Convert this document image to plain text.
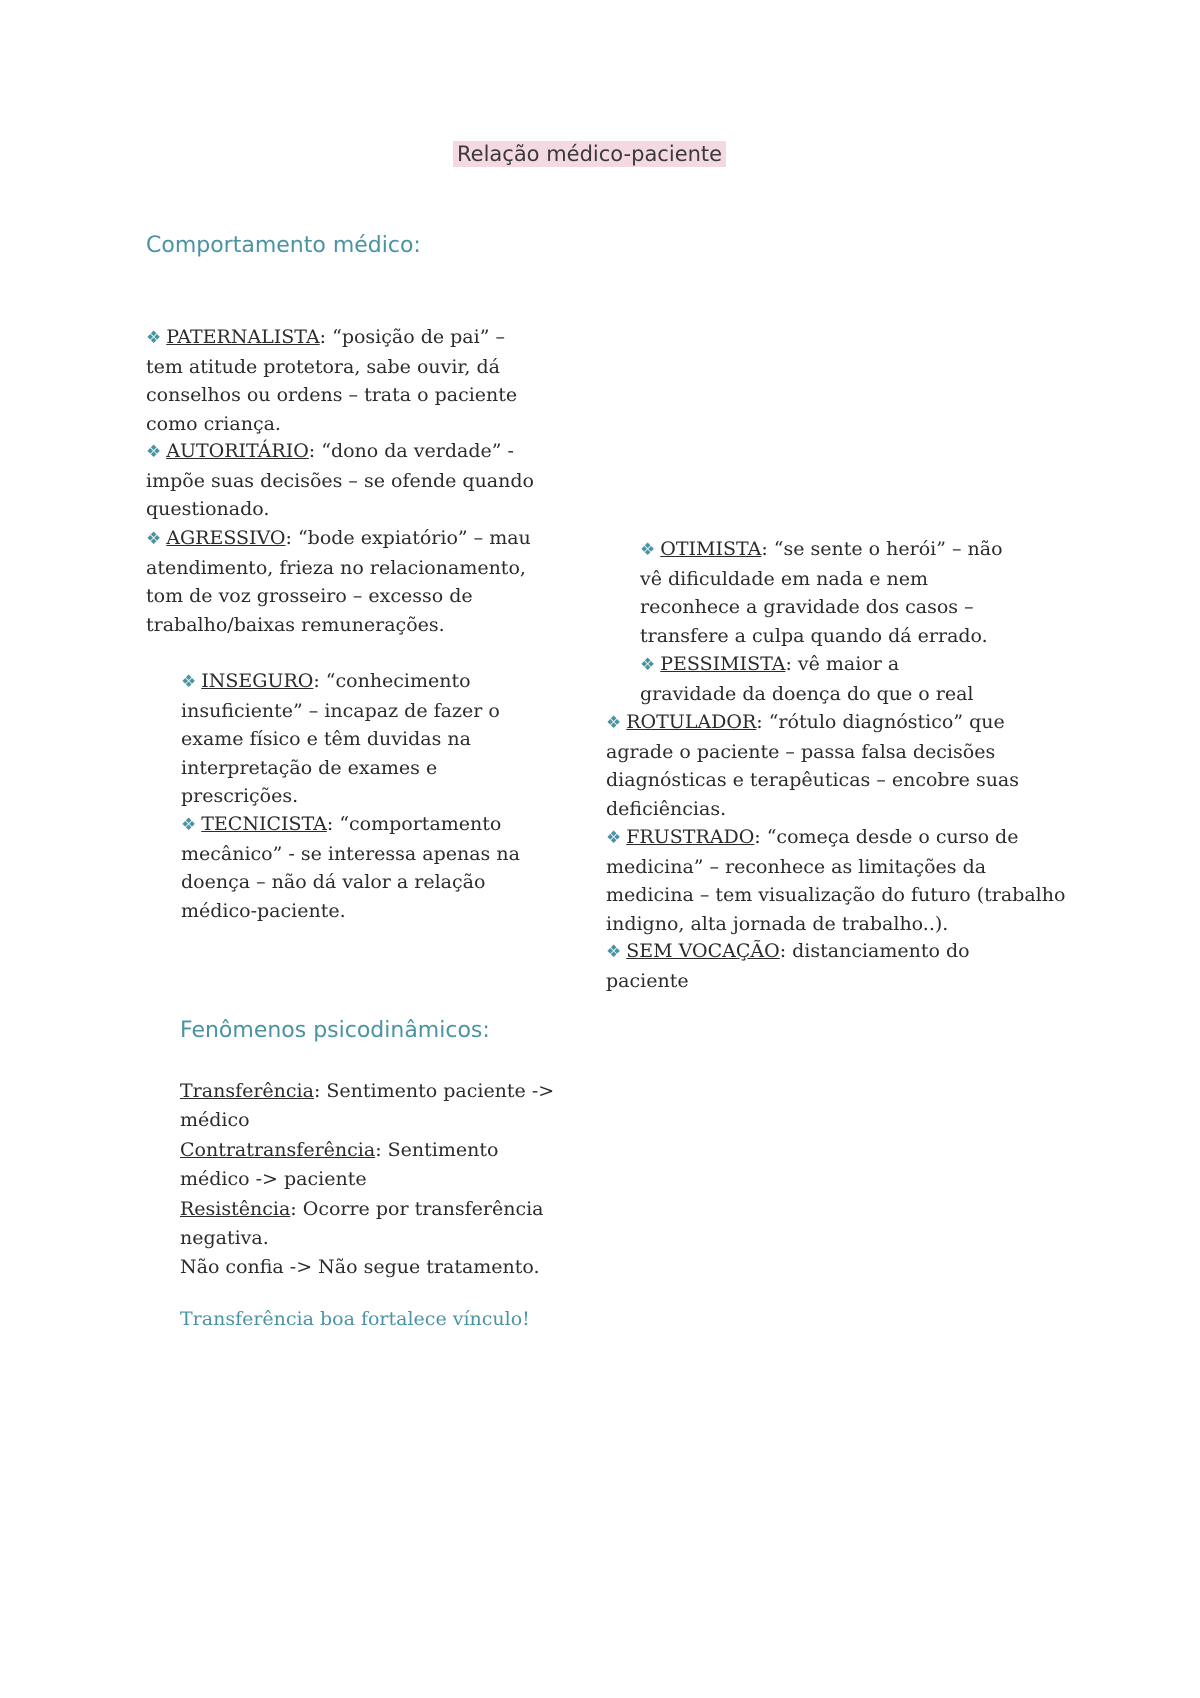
Relação médico-paciente
Comportamento médico:
❖ PATERNALISTA: “posição de pai” – tem atitude protetora, sabe ouvir, dá conselhos ou ordens – trata o paciente como criança.
❖ AUTORITÁRIO: “dono da verdade” - impõe suas decisões – se ofende quando questionado.
❖ AGRESSIVO: “bode expiatório” – mau atendimento, frieza no relacionamento, tom de voz grosseiro – excesso de trabalho/baixas remunerações.
❖ INSEGURO: “conhecimento insuficiente” – incapaz de fazer o exame físico e têm duvidas na interpretação de exames e prescrições.
❖ TECNICISTA: “comportamento mecânico” - se interessa apenas na doença – não dá valor a relação médico-paciente.
❖ OTIMISTA: “se sente o herói” – não vê dificuldade em nada e nem reconhece a gravidade dos casos – transfere a culpa quando dá errado.
❖ PESSIMISTA: vê maior a gravidade da doença do que o real
❖ ROTULADOR: “rótulo diagnóstico” que agrade o paciente – passa falsa decisões diagnósticas e terapêuticas – encobre suas deficiências.
❖ FRUSTRADO: “começa desde o curso de medicina” – reconhece as limitações da medicina – tem visualização do futuro (trabalho indigno, alta jornada de trabalho..).
❖ SEM VOCAÇÃO: distanciamento do paciente
Fenômenos psicodinâmicos:
Transferência: Sentimento paciente -> médico
Contratransferência: Sentimento médico -> paciente
Resistência: Ocorre por transferência negativa.
Não confia -> Não segue tratamento.
Transferência boa fortalece vínculo!
